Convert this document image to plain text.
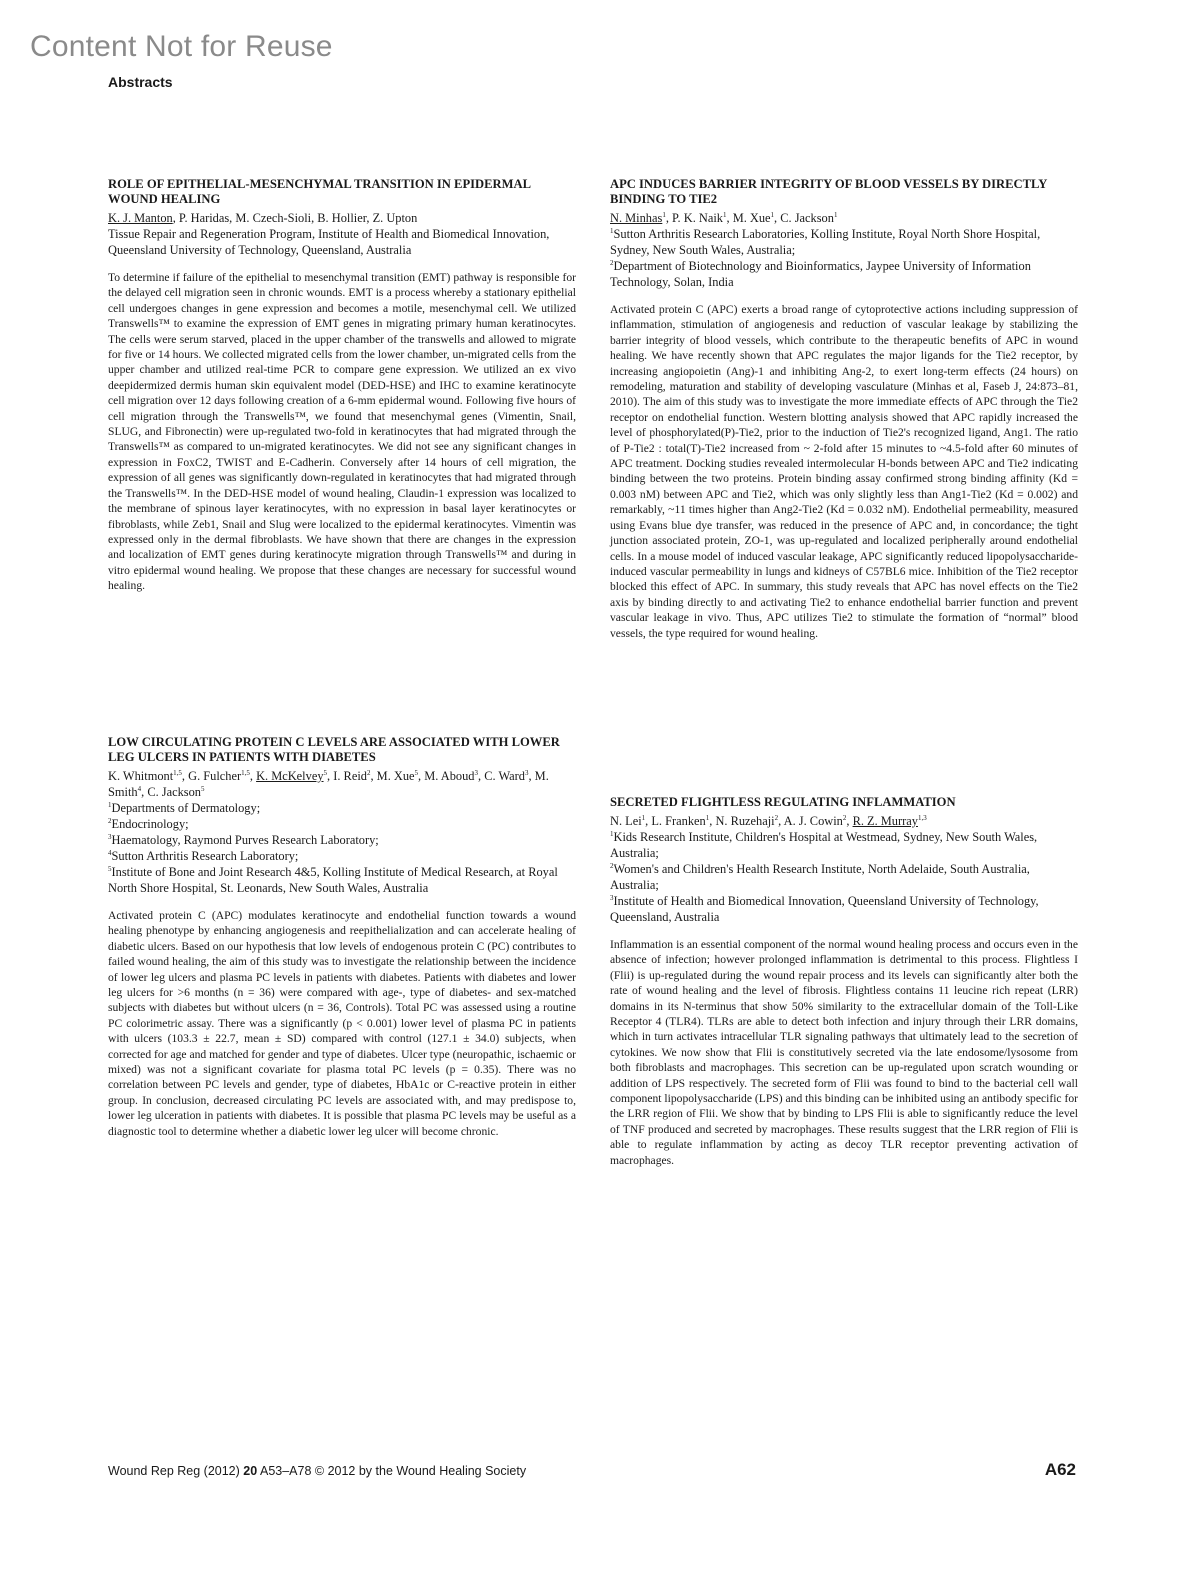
Content Not for Reuse
Abstracts
ROLE OF EPITHELIAL-MESENCHYMAL TRANSITION IN EPIDERMAL WOUND HEALING

K. J. Manton, P. Haridas, M. Czech-Sioli, B. Hollier, Z. Upton

Tissue Repair and Regeneration Program, Institute of Health and Biomedical Innovation, Queensland University of Technology, Queensland, Australia

To determine if failure of the epithelial to mesenchymal transition (EMT) pathway is responsible for the delayed cell migration seen in chronic wounds. EMT is a process whereby a stationary epithelial cell undergoes changes in gene expression and becomes a motile, mesenchymal cell. We utilized Transwells™ to examine the expression of EMT genes in migrating primary human keratinocytes. The cells were serum starved, placed in the upper chamber of the transwells and allowed to migrate for five or 14 hours. We collected migrated cells from the lower chamber, un-migrated cells from the upper chamber and utilized real-time PCR to compare gene expression. We utilized an ex vivo deepidermized dermis human skin equivalent model (DED-HSE) and IHC to examine keratinocyte cell migration over 12 days following creation of a 6-mm epidermal wound. Following five hours of cell migration through the Transwells™, we found that mesenchymal genes (Vimentin, Snail, SLUG, and Fibronectin) were up-regulated two-fold in keratinocytes that had migrated through the Transwells™ as compared to un-migrated keratinocytes. We did not see any significant changes in expression in FoxC2, TWIST and E-Cadherin. Conversely after 14 hours of cell migration, the expression of all genes was significantly down-regulated in keratinocytes that had migrated through the Transwells™. In the DED-HSE model of wound healing, Claudin-1 expression was localized to the membrane of spinous layer keratinocytes, with no expression in basal layer keratinocytes or fibroblasts, while Zeb1, Snail and Slug were localized to the epidermal keratinocytes. Vimentin was expressed only in the dermal fibroblasts. We have shown that there are changes in the expression and localization of EMT genes during keratinocyte migration through Transwells™ and during in vitro epidermal wound healing. We propose that these changes are necessary for successful wound healing.

LOW CIRCULATING PROTEIN C LEVELS ARE ASSOCIATED WITH LOWER LEG ULCERS IN PATIENTS WITH DIABETES

K. Whitmont$^{1,5}$, G. Fulcher$^{1,5}$, K. McKelvey$^5$, I. Reid$^2$, M. Xue$^5$, M. Aboud$^3$, C. Ward$^3$, M. Smith$^4$, C. Jackson$^5$

$^1$Departments of Dermatology;
$^2$Endocrinology;
$^3$Haematology, Raymond Purves Research Laboratory;
$^4$Sutton Arthritis Research Laboratory;
$^5$Institute of Bone and Joint Research 4&5, Kolling Institute of Medical Research, at Royal North Shore Hospital, St. Leonards, New South Wales, Australia

Activated protein C (APC) modulates keratinocyte and endothelial function towards a wound healing phenotype by enhancing angiogenesis and reepithelialization and can accelerate healing of diabetic ulcers. Based on our hypothesis that low levels of endogenous protein C (PC) contributes to failed wound healing, the aim of this study was to investigate the relationship between the incidence of lower leg ulcers and plasma PC levels in patients with diabetes. Patients with diabetes and lower leg ulcers for >6 months (n = 36) were compared with age-, type of diabetes- and sex-matched subjects with diabetes but without ulcers (n = 36, Controls). Total PC was assessed using a routine PC colorimetric assay. There was a significantly (p < 0.001) lower level of plasma PC in patients with ulcers (103.3 ± 22.7, mean ± SD) compared with control (127.1 ± 34.0) subjects, when corrected for age and matched for gender and type of diabetes. Ulcer type (neuropathic, ischaemic or mixed) was not a significant covariate for plasma total PC levels (p = 0.35). There was no correlation between PC levels and gender, type of diabetes, HbA1c or C-reactive protein in either group. In conclusion, decreased circulating PC levels are associated with, and may predispose to, lower leg ulceration in patients with diabetes. It is possible that plasma PC levels may be useful as a diagnostic tool to determine whether a diabetic lower leg ulcer will become chronic.

APC INDUCES BARRIER INTEGRITY OF BLOOD VESSELS BY DIRECTLY BINDING TO TIE2

N. Minhas$^1$, P. K. Naik$^1$, M. Xue$^1$, C. Jackson$^1$

$^1$Sutton Arthritis Research Laboratories, Kolling Institute, Royal North Shore Hospital, Sydney, New South Wales, Australia;
$^2$Department of Biotechnology and Bioinformatics, Jaypee University of Information Technology, Solan, India

Activated protein C (APC) exerts a broad range of cytoprotective actions including suppression of inflammation, stimulation of angiogenesis and reduction of vascular leakage by stabilizing the barrier integrity of blood vessels, which contribute to the therapeutic benefits of APC in wound healing. We have recently shown that APC regulates the major ligands for the Tie2 receptor, by increasing angiopoietin (Ang)-1 and inhibiting Ang-2, to exert long-term effects (24 hours) on remodeling, maturation and stability of developing vasculature (Minhas et al, Faseb J, 24:873–81, 2010). The aim of this study was to investigate the more immediate effects of APC through the Tie2 receptor on endothelial function. Western blotting analysis showed that APC rapidly increased the level of phosphorylated(P)-Tie2, prior to the induction of Tie2's recognized ligand, Ang1. The ratio of P-Tie2 : total(T)-Tie2 increased from ~ 2-fold after 15 minutes to ~4.5-fold after 60 minutes of APC treatment. Docking studies revealed intermolecular H-bonds between APC and Tie2 indicating binding between the two proteins. Protein binding assay confirmed strong binding affinity (Kd = 0.003 nM) between APC and Tie2, which was only slightly less than Ang1-Tie2 (Kd = 0.002) and remarkably, ~11 times higher than Ang2-Tie2 (Kd = 0.032 nM). Endothelial permeability, measured using Evans blue dye transfer, was reduced in the presence of APC and, in concordance; the tight junction associated protein, ZO-1, was up-regulated and localized peripherally around endothelial cells. In a mouse model of induced vascular leakage, APC significantly reduced lipopolysaccharide-induced vascular permeability in lungs and kidneys of C57BL6 mice. Inhibition of the Tie2 receptor blocked this effect of APC. In summary, this study reveals that APC has novel effects on the Tie2 axis by binding directly to and activating Tie2 to enhance endothelial barrier function and prevent vascular leakage in vivo. Thus, APC utilizes Tie2 to stimulate the formation of “normal” blood vessels, the type required for wound healing.

SECRETED FLIGHTLESS REGULATING INFLAMMATION

N. Lei$^1$, L. Franken$^1$, N. Ruzehaji$^2$, A. J. Cowin$^2$, R. Z. Murray$^{1,3}$

$^1$Kids Research Institute, Children's Hospital at Westmead, Sydney, New South Wales, Australia;
$^2$Women's and Children's Health Research Institute, North Adelaide, South Australia, Australia;
$^3$Institute of Health and Biomedical Innovation, Queensland University of Technology, Queensland, Australia

Inflammation is an essential component of the normal wound healing process and occurs even in the absence of infection; however prolonged inflammation is detrimental to this process. Flightless I (Flii) is up-regulated during the wound repair process and its levels can significantly alter both the rate of wound healing and the level of fibrosis. Flightless contains 11 leucine rich repeat (LRR) domains in its N-terminus that show 50% similarity to the extracellular domain of the Toll-Like Receptor 4 (TLR4). TLRs are able to detect both infection and injury through their LRR domains, which in turn activates intracellular TLR signaling pathways that ultimately lead to the secretion of cytokines. We now show that Flii is constitutively secreted via the late endosome/lysosome from both fibroblasts and macrophages. This secretion can be up-regulated upon scratch wounding or addition of LPS respectively. The secreted form of Flii was found to bind to the bacterial cell wall component lipopolysaccharide (LPS) and this binding can be inhibited using an antibody specific for the LRR region of Flii. We show that by binding to LPS Flii is able to significantly reduce the level of TNF produced and secreted by macrophages. These results suggest that the LRR region of Flii is able to regulate inflammation by acting as decoy TLR receptor preventing activation of macrophages.

Wound Rep Reg (2012) 20 A53–A78 © 2012 by the Wound Healing Society	A62
